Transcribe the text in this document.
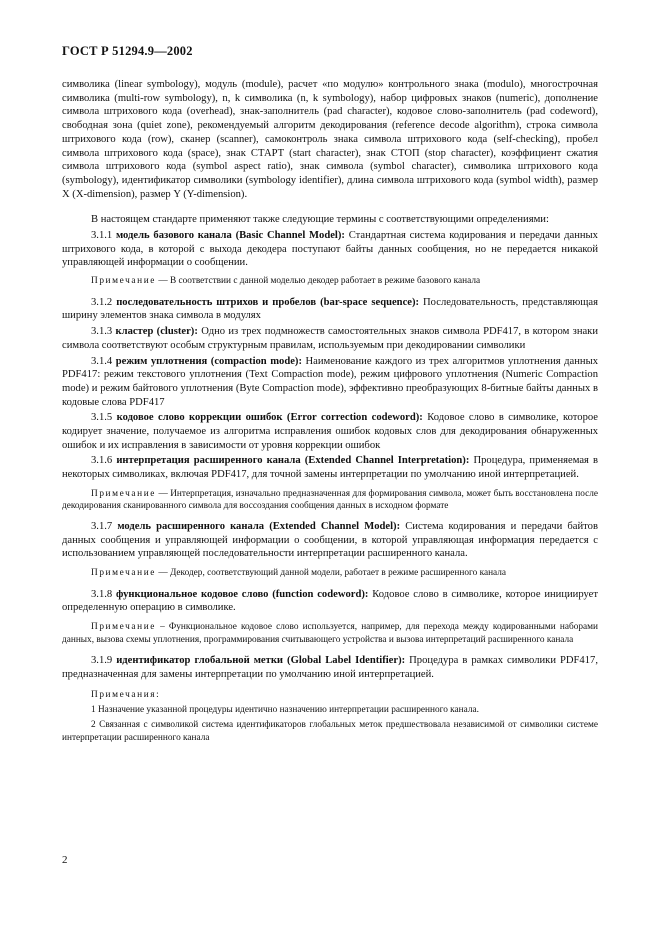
ГОСТ Р 51294.9—2002

символика (linear symbology), модуль (module), расчет «по модулю» контрольного знака (modulo), многострочная символика (multi-row symbology), n, k символика (n, k symbology), набор цифровых знаков (numeric), дополнение символа штрихового кода (overhead), знак-заполнитель (pad character), кодовое слово-заполнитель (pad codeword), свободная зона (quiet zone), рекомендуемый алгоритм декодирования (reference decode algorithm), строка символа штрихового кода (row), сканер (scanner), самоконтроль знака символа штрихового кода (self-checking), пробел символа штрихового кода (space), знак СТАРТ (start character), знак СТОП (stop character), коэффициент сжатия символа штрихового кода (symbol aspect ratio), знак символа (symbol character), символика штрихового кода (symbology), идентификатор символики (symbology identifier), длина символа штрихового кода (symbol width), размер X (X-dimension), размер Y (Y-dimension).

В настоящем стандарте применяют также следующие термины с соответствующими определениями:

3.1.1 модель базового канала (Basic Channel Model): Стандартная система кодирования и передачи данных штрихового кода, в которой с выхода декодера поступают байты данных сообщения, но не передается никакой управляющей информации о сообщении.

Примечание — В соответствии с данной моделью декодер работает в режиме базового канала

3.1.2 последовательность штрихов и пробелов (bar-space sequence): Последовательность, представляющая ширину элементов знака символа в модулях

3.1.3 кластер (cluster): Одно из трех подмножеств самостоятельных знаков символа PDF417, в котором знаки символа соответствуют особым структурным правилам, используемым при декодировании символики

3.1.4 режим уплотнения (compaction mode): Наименование каждого из трех алгоритмов уплотнения данных PDF417: режим текстового уплотнения (Text Compaction mode), режим цифрового уплотнения (Numeric Compaction mode) и режим байтового уплотнения (Byte Compaction mode), эффективно преобразующих 8-битные байты данных в кодовые слова PDF417

3.1.5 кодовое слово коррекции ошибок (Error correction codeword): Кодовое слово в символике, которое кодирует значение, получаемое из алгоритма исправления ошибок кодовых слов для декодирования обнаруженных ошибок и их исправления в зависимости от уровня коррекции ошибок

3.1.6 интерпретация расширенного канала (Extended Channel Interpretation): Процедура, применяемая в некоторых символиках, включая PDF417, для точной замены интерпретации по умолчанию иной интерпретацией.

Примечание — Интерпретация, изначально предназначенная для формирования символа, может быть восстановлена после декодирования сканированного символа для воссоздания сообщения данных в исходном формате

3.1.7 модель расширенного канала (Extended Channel Model): Система кодирования и передачи байтов данных сообщения и управляющей информации о сообщении, в которой управляющая информация передается с использованием управляющей последовательности интерпретации расширенного канала.

Примечание — Декодер, соответствующий данной модели, работает в режиме расширенного канала

3.1.8 функциональное кодовое слово (function codeword): Кодовое слово в символике, которое инициирует определенную операцию в символике.

Примечание – Функциональное кодовое слово используется, например, для перехода между кодированными наборами данных, вызова схемы уплотнения, программирования считывающего устройства и вызова интерпретаций расширенного канала

3.1.9 идентификатор глобальной метки (Global Label Identifier): Процедура в рамках символики PDF417, предназначенная для замены интерпретации по умолчанию иной интерпретацией.

Примечания:

1 Назначение указанной процедуры идентично назначению интерпретации расширенного канала.

2 Связанная с символикой система идентификаторов глобальных меток предшествовала независимой от символики системе интерпретации расширенного канала

2
